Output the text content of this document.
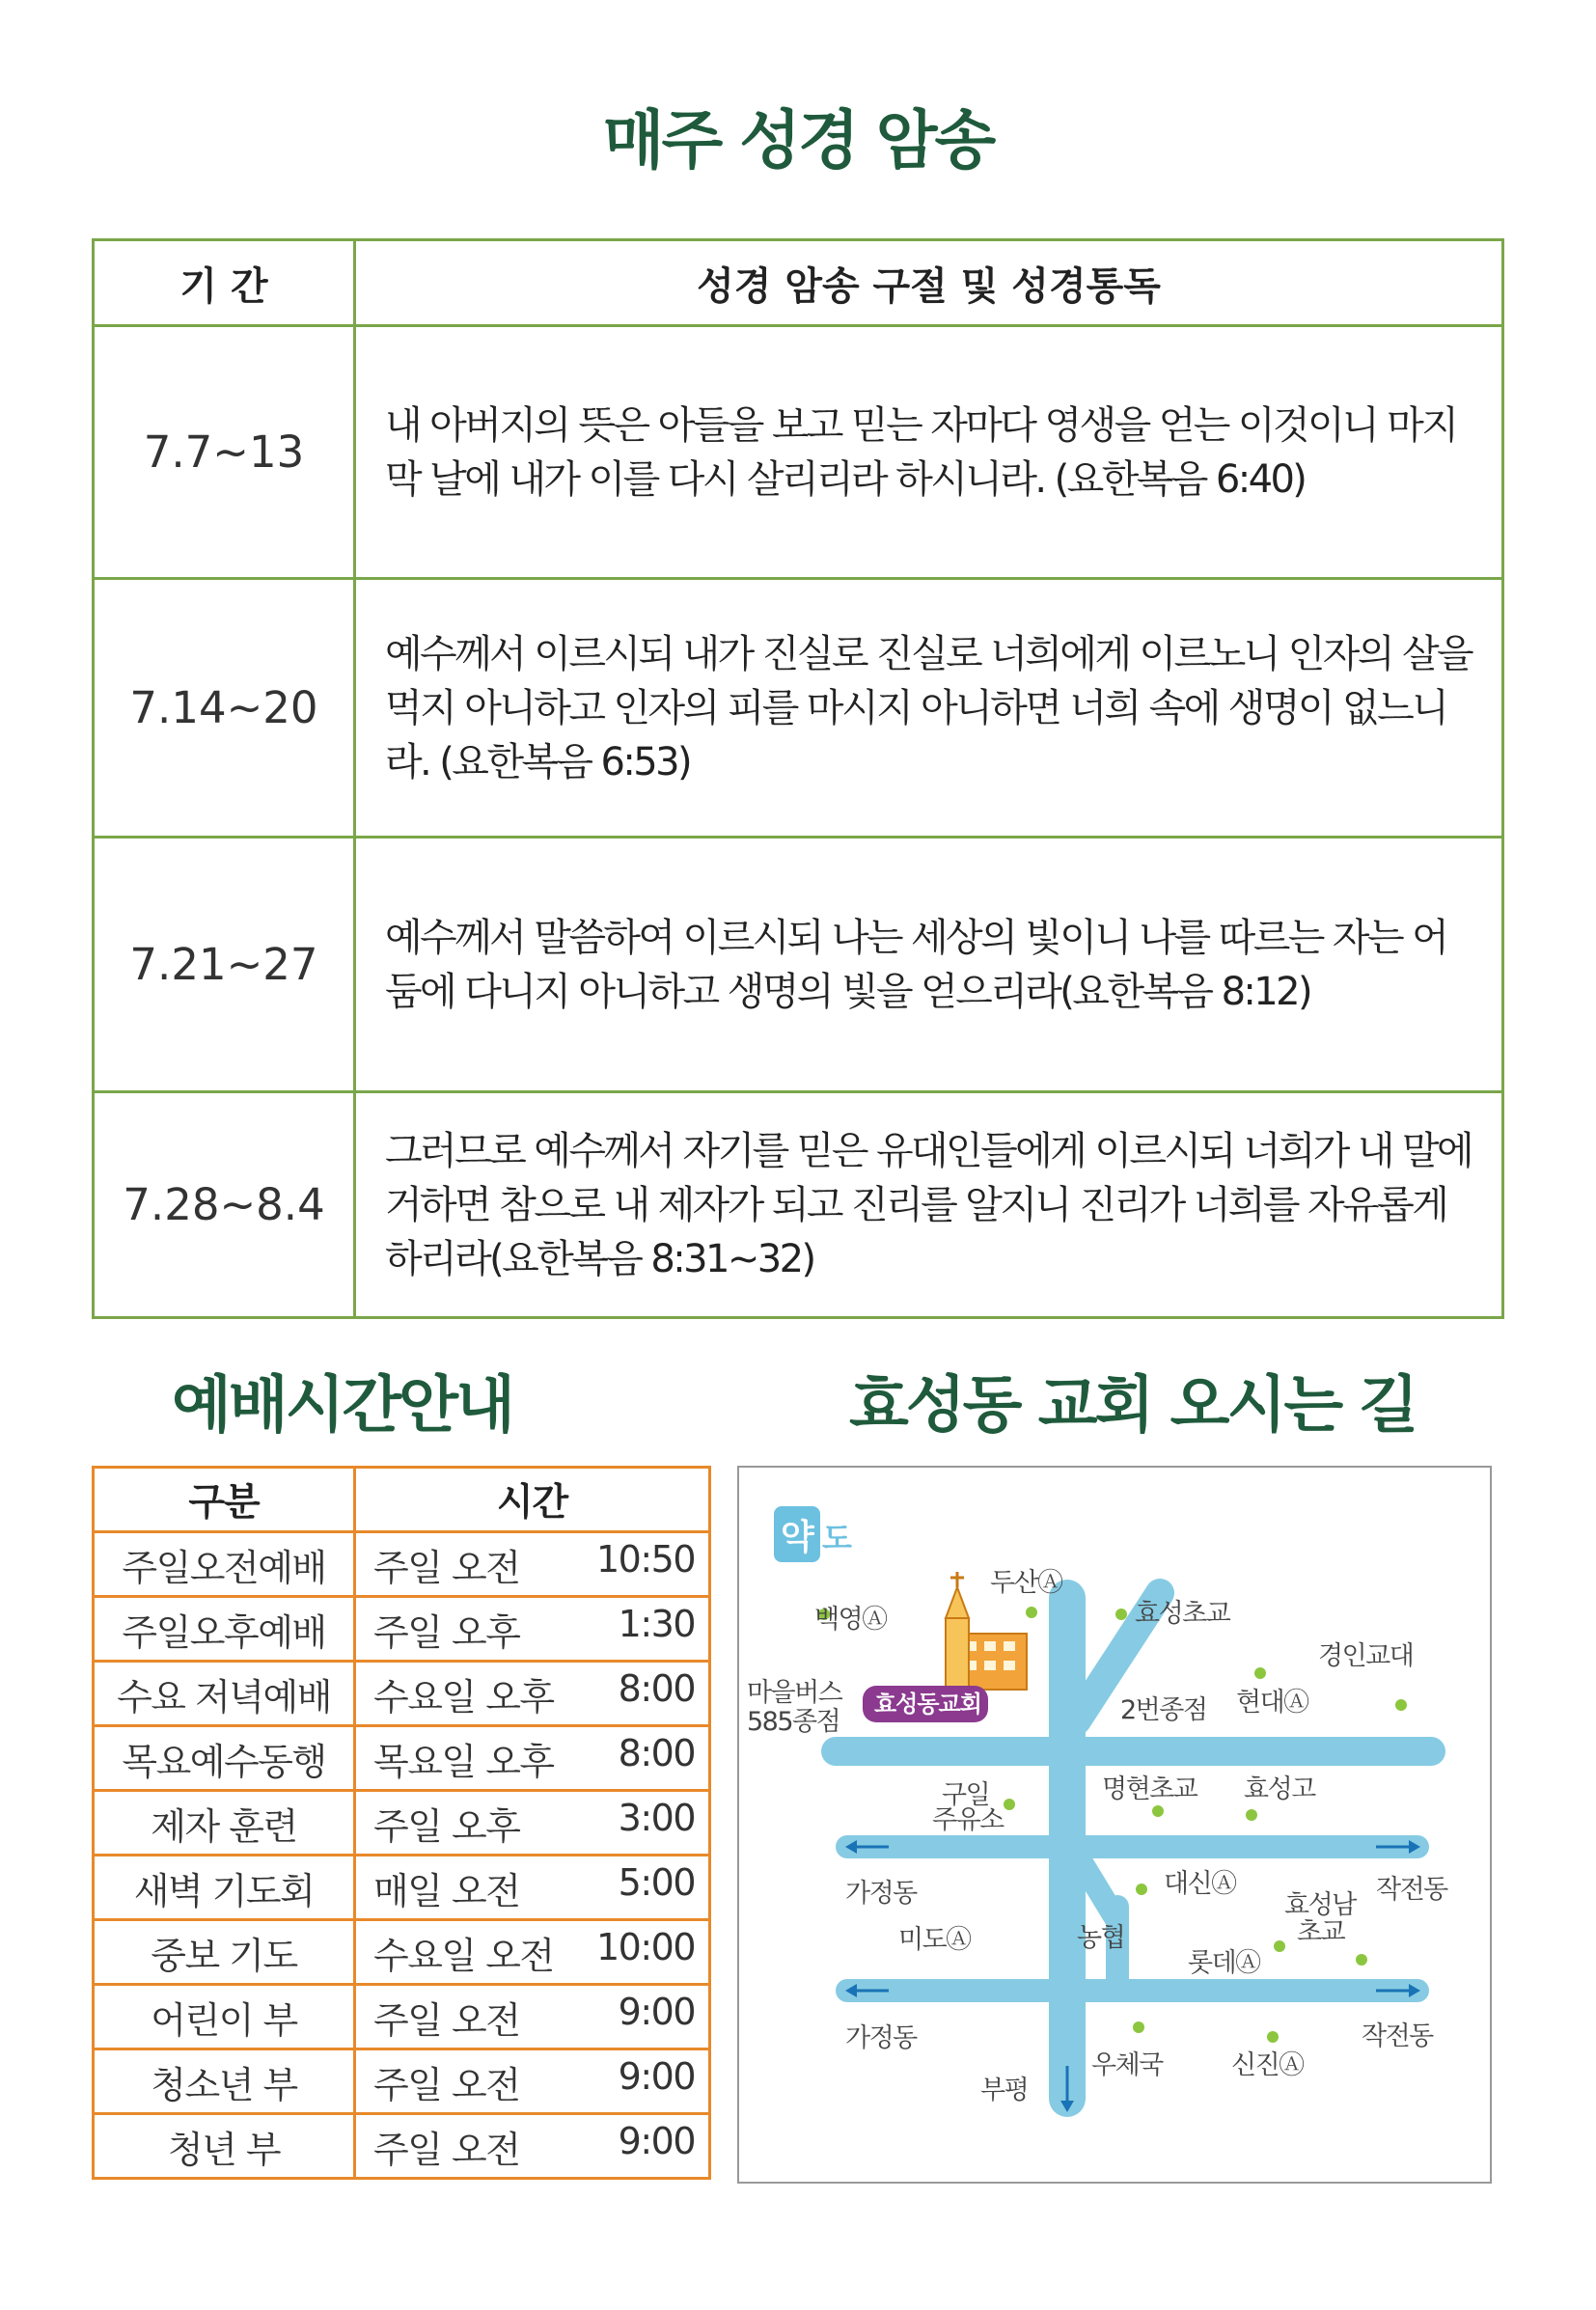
매주 성경 암송
기 간	성경 암송 구절 및 성경통독
7.7~13	내 아버지의 뜻은 아들을 보고 믿는 자마다 영생을 얻는 이것이니 마지막 날에 내가 이를 다시 살리리라 하시니라. (요한복음 6:40)
7.14~20	예수께서 이르시되 내가 진실로 진실로 너희에게 이르노니 인자의 살을 먹지 아니하고 인자의 피를 마시지 아니하면 너희 속에 생명이 없느니라. (요한복음 6:53)
7.21~27	예수께서 말씀하여 이르시되 나는 세상의 빛이니 나를 따르는 자는 어둠에 다니지 아니하고 생명의 빛을 얻으리라(요한복음 8:12)
7.28~8.4	그러므로 예수께서 자기를 믿은 유대인들에게 이르시되 너희가 내 말에 거하면 참으로 내 제자가 되고 진리를 알지니 진리가 너희를 자유롭게 하리라(요한복음 8:31~32)
예배시간안내	효성동 교회 오시는 길
구분	시간
주일오전예배	주일 오전 10:50

주일오후예배	주일 오후 1:30

수요 저녁예배	수요일 오후 8:00

목요예수동행	목요일 오후 8:00

제자 훈련	주일 오후 3:00

새벽 기도회	매일 오전 5:00

중보 기도	수요일 오전 10:00

어린이 부	주일 오전 9:00

청소년 부	주일 오전 9:00

청년 부	주일 오전 9:00
약 도
효성동교회
두산Ⓐ
백영Ⓐ	효성초교
경인교대
마을버스
585종점	2번종점 현대Ⓐ
구일
주유소
명현초교 효성고
가정동	대신Ⓐ
효성남
초교
작전동
미도Ⓐ	농협
롯데Ⓐ
가정동	작전동
우체국	신진Ⓐ
부평
